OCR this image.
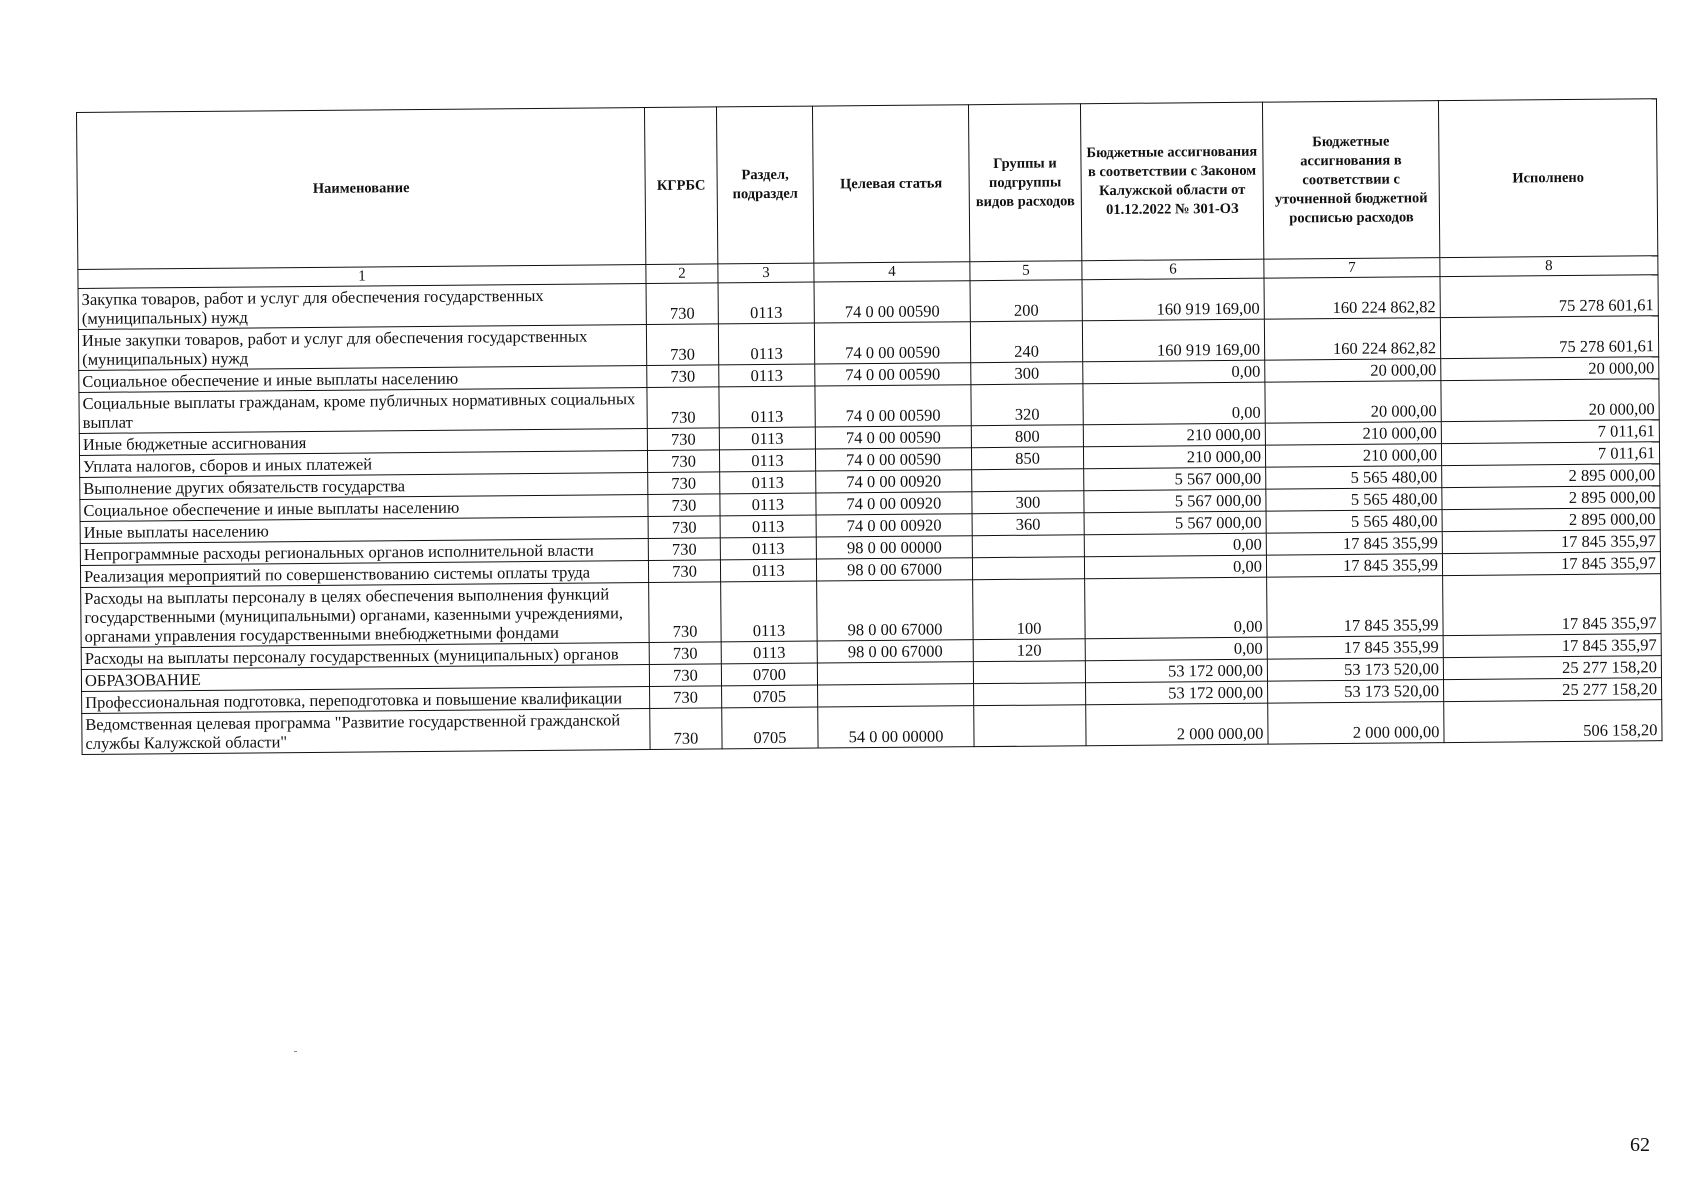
Наименование	КГРБС	Раздел, подраздел	Целевая статья	Группы и подгруппы видов расходов	Бюджетные ассигнования в соответствии с Законом Калужской области от 01.12.2022 № 301-ОЗ	Бюджетные ассигнования в соответствии с уточненной бюджетной росписью расходов	Исполнено
1	2	3	4	5	6	7	8
Закупка товаров, работ и услуг для обеспечения государственных (муниципальных) нужд	730	0113	74 0 00 00590	200	160 919 169,00	160 224 862,82	75 278 601,61
Иные закупки товаров, работ и услуг для обеспечения государственных (муниципальных) нужд	730	0113	74 0 00 00590	240	160 919 169,00	160 224 862,82	75 278 601,61
Социальное обеспечение и иные выплаты населению	730	0113	74 0 00 00590	300	0,00	20 000,00	20 000,00
Социальные выплаты гражданам, кроме публичных нормативных социальных выплат	730	0113	74 0 00 00590	320	0,00	20 000,00	20 000,00
Иные бюджетные ассигнования	730	0113	74 0 00 00590	800	210 000,00	210 000,00	7 011,61
Уплата налогов, сборов и иных платежей	730	0113	74 0 00 00590	850	210 000,00	210 000,00	7 011,61
Выполнение других обязательств государства	730	0113	74 0 00 00920		5 567 000,00	5 565 480,00	2 895 000,00
Социальное обеспечение и иные выплаты населению	730	0113	74 0 00 00920	300	5 567 000,00	5 565 480,00	2 895 000,00
Иные выплаты населению	730	0113	74 0 00 00920	360	5 567 000,00	5 565 480,00	2 895 000,00
Непрограммные расходы региональных органов исполнительной власти	730	0113	98 0 00 00000		0,00	17 845 355,99	17 845 355,97
Реализация мероприятий по совершенствованию системы оплаты труда	730	0113	98 0 00 67000		0,00	17 845 355,99	17 845 355,97
Расходы на выплаты персоналу в целях обеспечения выполнения функций государственными (муниципальными) органами, казенными учреждениями, органами управления государственными внебюджетными фондами	730	0113	98 0 00 67000	100	0,00	17 845 355,99	17 845 355,97
Расходы на выплаты персоналу государственных (муниципальных) органов	730	0113	98 0 00 67000	120	0,00	17 845 355,99	17 845 355,97
ОБРАЗОВАНИЕ	730	0700			53 172 000,00	53 173 520,00	25 277 158,20
Профессиональная подготовка, переподготовка и повышение квалификации	730	0705			53 172 000,00	53 173 520,00	25 277 158,20
Ведомственная целевая программа "Развитие государственной гражданской службы Калужской области"	730	0705	54 0 00 00000		2 000 000,00	2 000 000,00	506 158,20
62
